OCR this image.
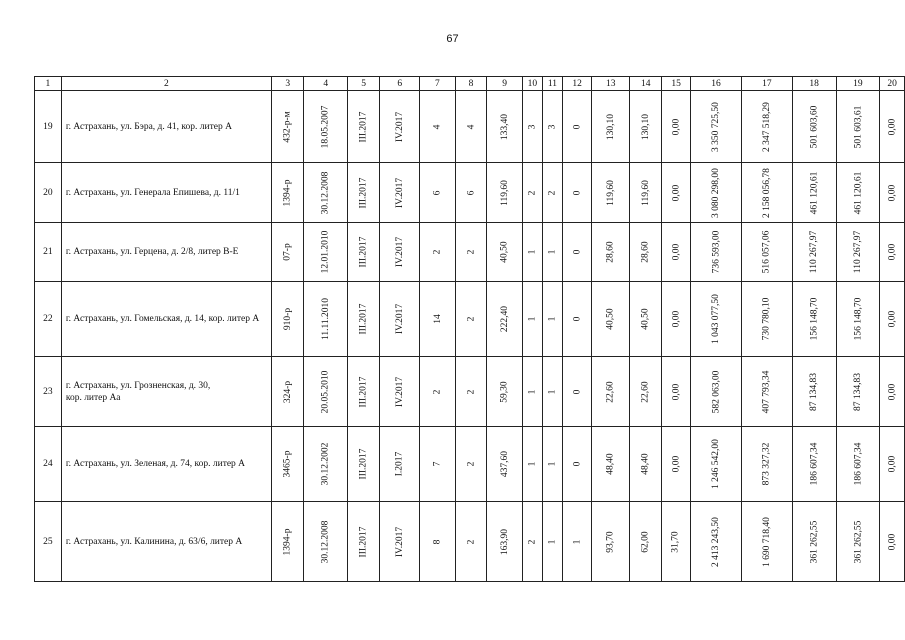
67
1	2	3	4	5	6	7	8	9	10	11	12	13	14	15	16	17	18	19	20
19	г. Астрахань, ул. Бэра, д. 41, кор. литер А	432-р-м	18.05.2007	III.2017	IV.2017	4	4	133,40	3	3	0	130,10	130,10	0,00	3 350 725,50	2 347 518,29	501 603,60	501 603,61	0,00
20	г. Астрахань, ул. Генерала Епишева, д. 11/1	1394-р	30.12.2008	III.2017	IV.2017	6	6	119,60	2	2	0	119,60	119,60	0,00	3 080 298,00	2 158 056,78	461 120,61	461 120,61	0,00
21	г. Астрахань, ул. Герцена, д. 2/8, литер В-Е	07-р	12.01.2010	III.2017	IV.2017	2	2	40,50	1	1	0	28,60	28,60	0,00	736 593,00	516 057,06	110 267,97	110 267,97	0,00
22	г. Астрахань, ул. Гомельская, д. 14, кор. литер А	910-р	11.11.2010	III.2017	IV.2017	14	2	222,40	1	1	0	40,50	40,50	0,00	1 043 077,50	730 780,10	156 148,70	156 148,70	0,00
23	г. Астрахань, ул. Грозненская, д. 30,
кор. литер Аа	324-р	20.05.2010	III.2017	IV.2017	2	2	59,30	1	1	0	22,60	22,60	0,00	582 063,00	407 793,34	87 134,83	87 134,83	0,00
24	г. Астрахань, ул. Зеленая, д. 74, кор. литер А	3465-р	30.12.2002	III.2017	I.2017	7	2	437,60	1	1	0	48,40	48,40	0,00	1 246 542,00	873 327,32	186 607,34	186 607,34	0,00
25	г. Астрахань, ул. Калинина, д. 63/6, литер А	1394-р	30.12.2008	III.2017	IV.2017	8	2	163,90	2	1	1	93,70	62,00	31,70	2 413 243,50	1 690 718,40	361 262,55	361 262,55	0,00
